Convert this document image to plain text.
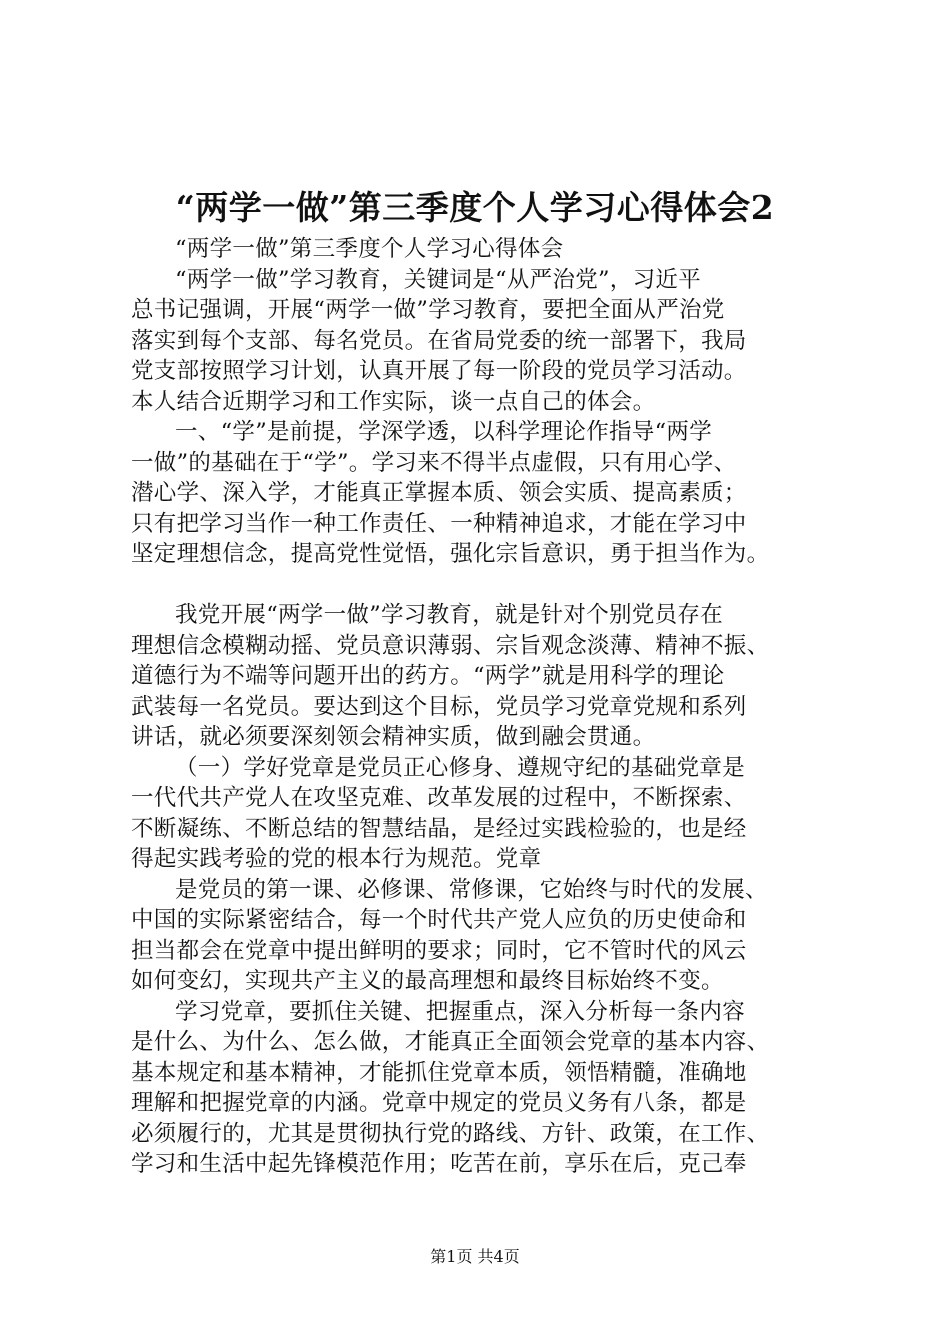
“两学一做”第三季度个人学习心得体会2
“两学一做”第三季度个人学习心得体会
“两学一做”学习教育，关键词是“从严治党”，习近平
总书记强调，开展“两学一做”学习教育，要把全面从严治党
落实到每个支部、每名党员。在省局党委的统一部署下，我局
党支部按照学习计划，认真开展了每一阶段的党员学习活动。
本人结合近期学习和工作实际，谈一点自己的体会。
一、“学”是前提，学深学透，以科学理论作指导“两学
一做”的基础在于“学”。学习来不得半点虚假，只有用心学、
潜心学、深入学，才能真正掌握本质、领会实质、提高素质；
只有把学习当作一种工作责任、一种精神追求，才能在学习中
坚定理想信念，提高党性觉悟，强化宗旨意识，勇于担当作为。
我党开展“两学一做”学习教育，就是针对个别党员存在
理想信念模糊动摇、党员意识薄弱、宗旨观念淡薄、精神不振、
道德行为不端等问题开出的药方。“两学”就是用科学的理论
武装每一名党员。要达到这个目标，党员学习党章党规和系列
讲话，就必须要深刻领会精神实质，做到融会贯通。
（一）学好党章是党员正心修身、遵规守纪的基础党章是
一代代共产党人在攻坚克难、改革发展的过程中，不断探索、
不断凝练、不断总结的智慧结晶，是经过实践检验的，也是经
得起实践考验的党的根本行为规范。党章
是党员的第一课、必修课、常修课，它始终与时代的发展、
中国的实际紧密结合，每一个时代共产党人应负的历史使命和
担当都会在党章中提出鲜明的要求；同时，它不管时代的风云
如何变幻，实现共产主义的最高理想和最终目标始终不变。
学习党章，要抓住关键、把握重点，深入分析每一条内容
是什么、为什么、怎么做，才能真正全面领会党章的基本内容、
基本规定和基本精神，才能抓住党章本质，领悟精髓，准确地
理解和把握党章的内涵。党章中规定的党员义务有八条，都是
必须履行的，尤其是贯彻执行党的路线、方针、政策，在工作、
学习和生活中起先锋模范作用；吃苦在前，享乐在后，克己奉
第1页 共4页
